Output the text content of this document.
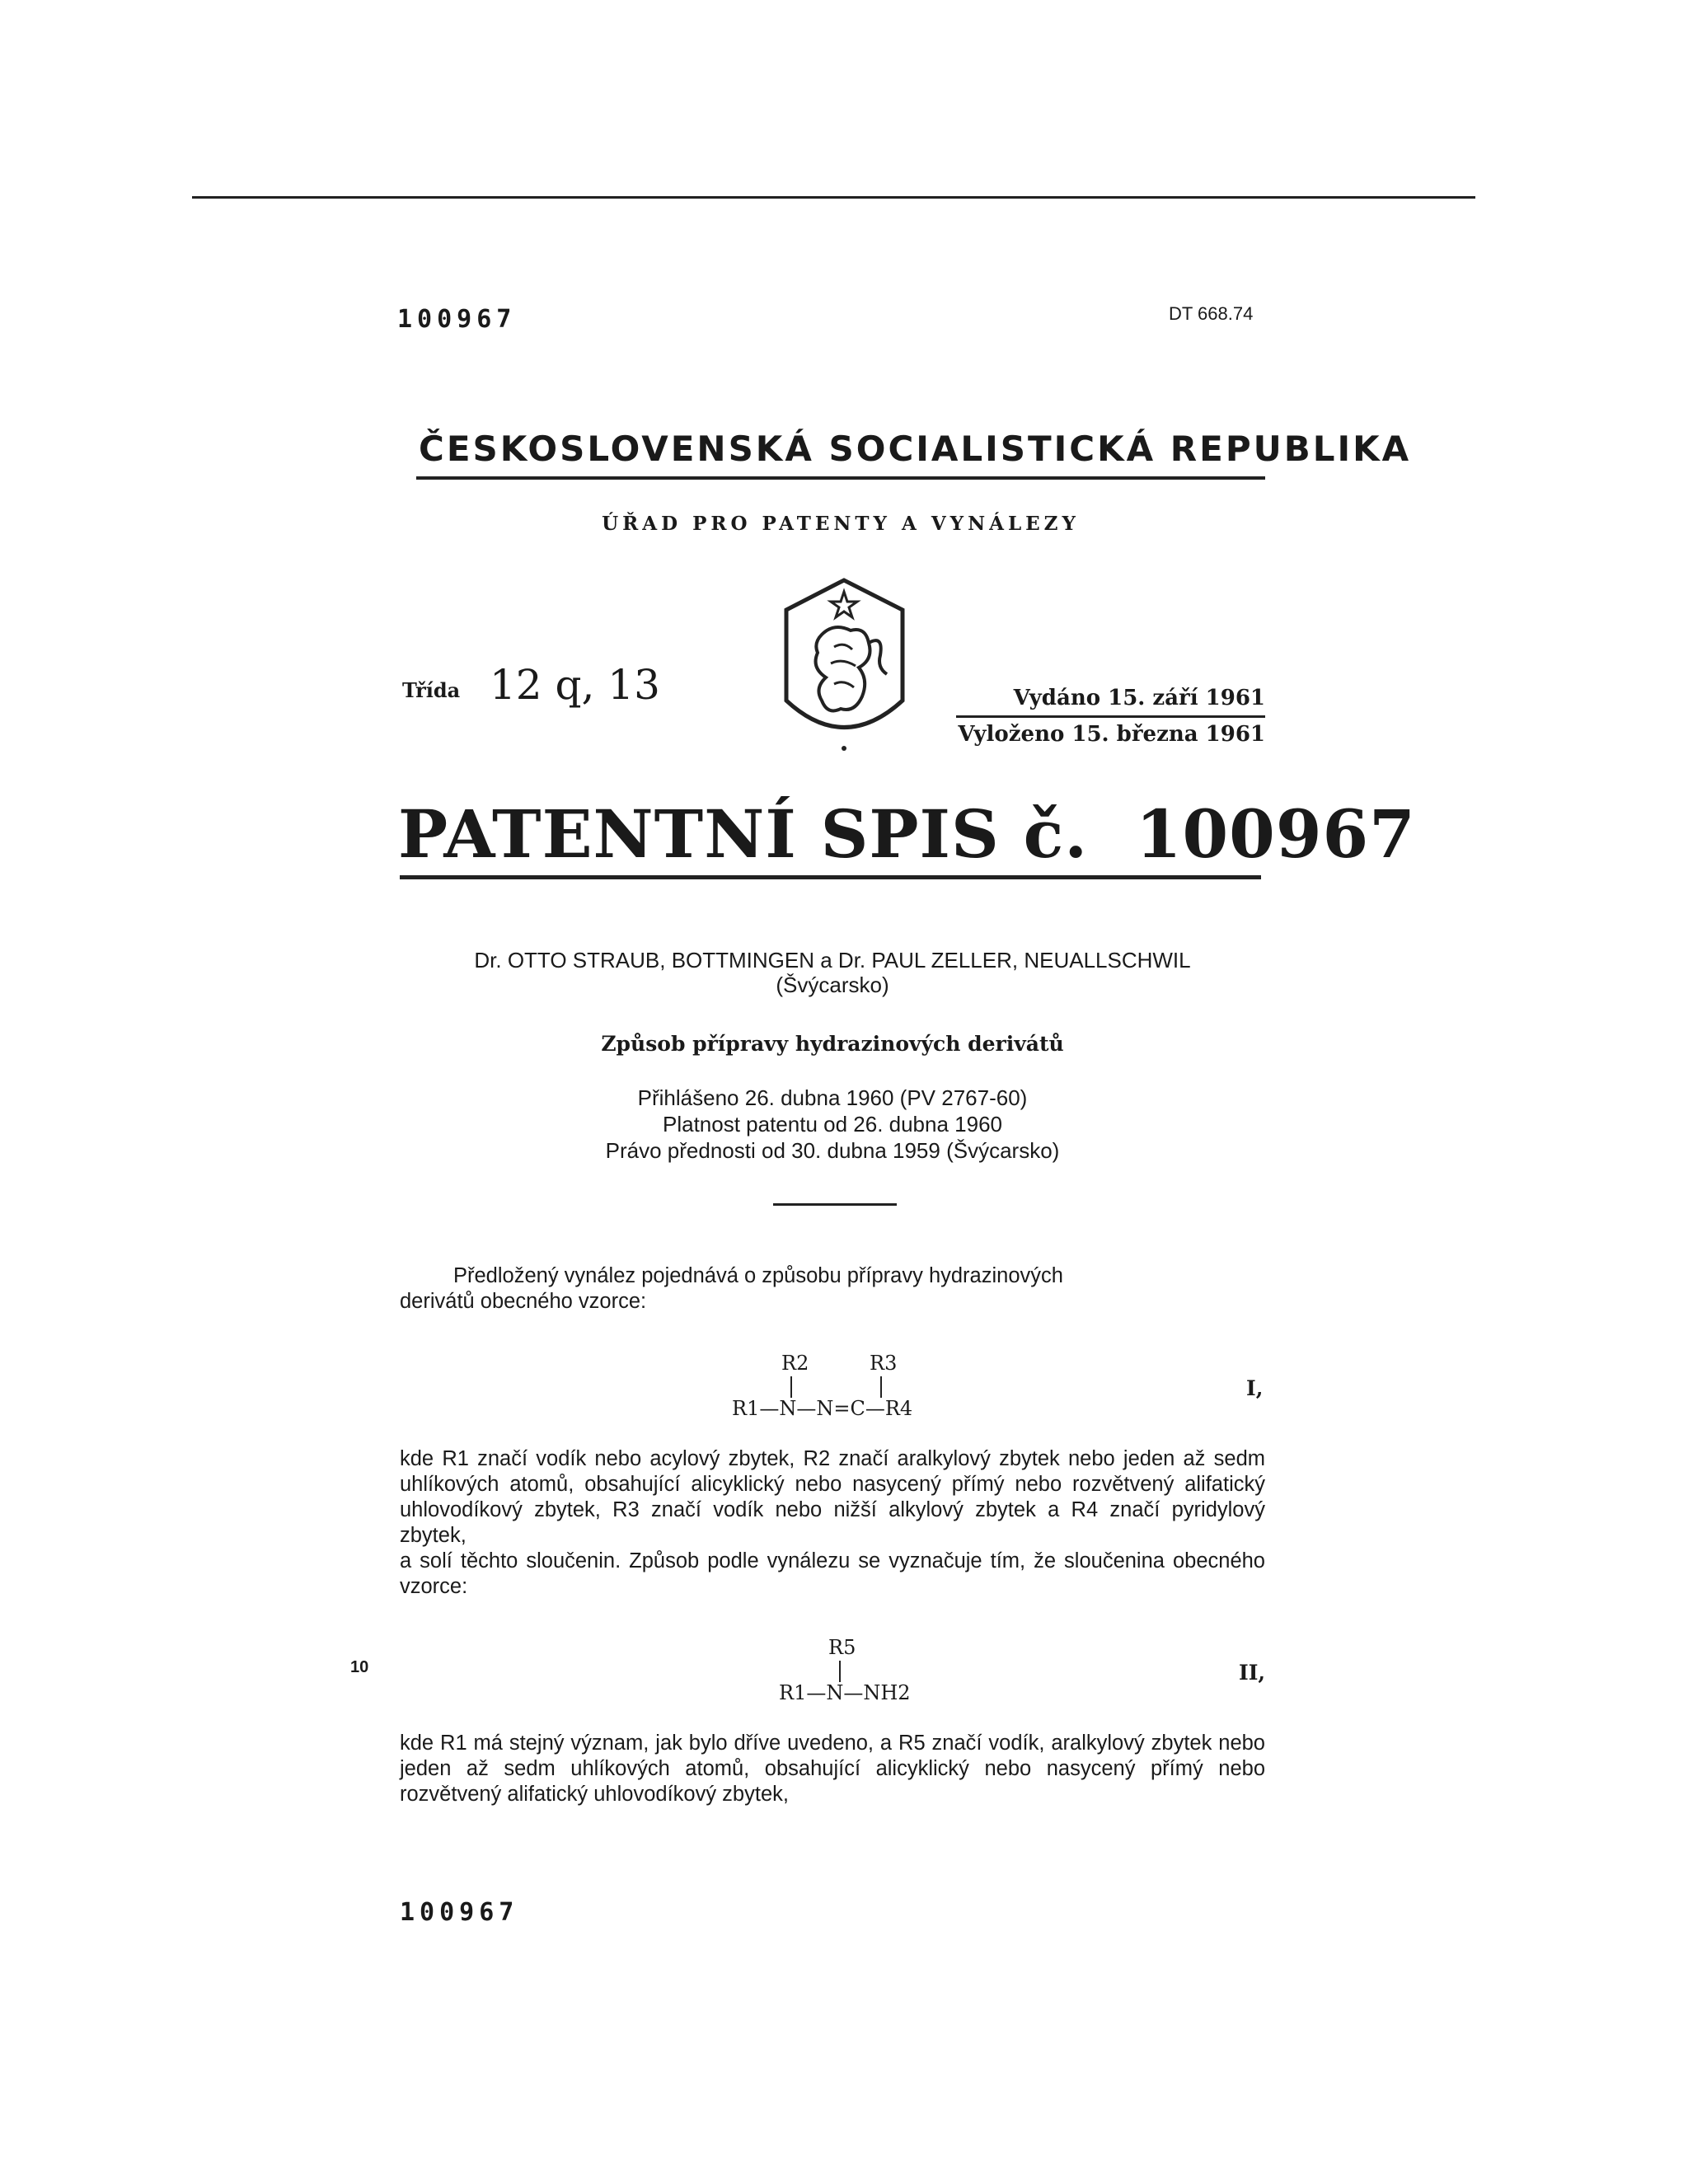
100967	DT 668.74
ČESKOSLOVENSKÁ SOCIALISTICKÁ REPUBLIKA
ÚŘAD PRO PATENTY A VYNÁLEZY
Třída 12 q, 13	Vydáno 15. září 1961
Vyloženo 15. března 1961
PATENTNÍ SPIS č.  100967
Dr. OTTO STRAUB, BOTTMINGEN a Dr. PAUL ZELLER, NEUALLSCHWIL
(Švýcarsko)
Způsob přípravy hydrazinových derivátů
Přihlášeno 26. dubna 1960 (PV 2767-60)
Platnost patentu od 26. dubna 1960
Právo přednosti od 30. dubna 1959 (Švýcarsko)

Předložený vynález pojednává o způsobu přípravy hydrazinových

derivátů obecného vzorce:

R2	R3
R1—N—N=C—R4
I,

kde R1 značí vodík nebo acylový zbytek, R2 značí aralkylový zbytek nebo jeden až sedm uhlíkových atomů, obsahující alicyklický nebo nasycený přímý nebo rozvětvený alifatický uhlovodíkový zbytek, R3 značí vodík nebo nižší alkylový zbytek a R4 značí pyridylový zbytek,

a solí těchto sloučenin. Způsob podle vynálezu se vyznačuje tím, že sloučenina obecného vzorce:

R5
R1—N—NH2
II,
10

kde R1 má stejný význam, jak bylo dříve uvedeno, a R5 značí vodík, aralkylový zbytek nebo jeden až sedm uhlíkových atomů, obsahující alicyklický nebo nasycený přímý nebo rozvětvený alifatický uhlovodíkový zbytek,

100967
